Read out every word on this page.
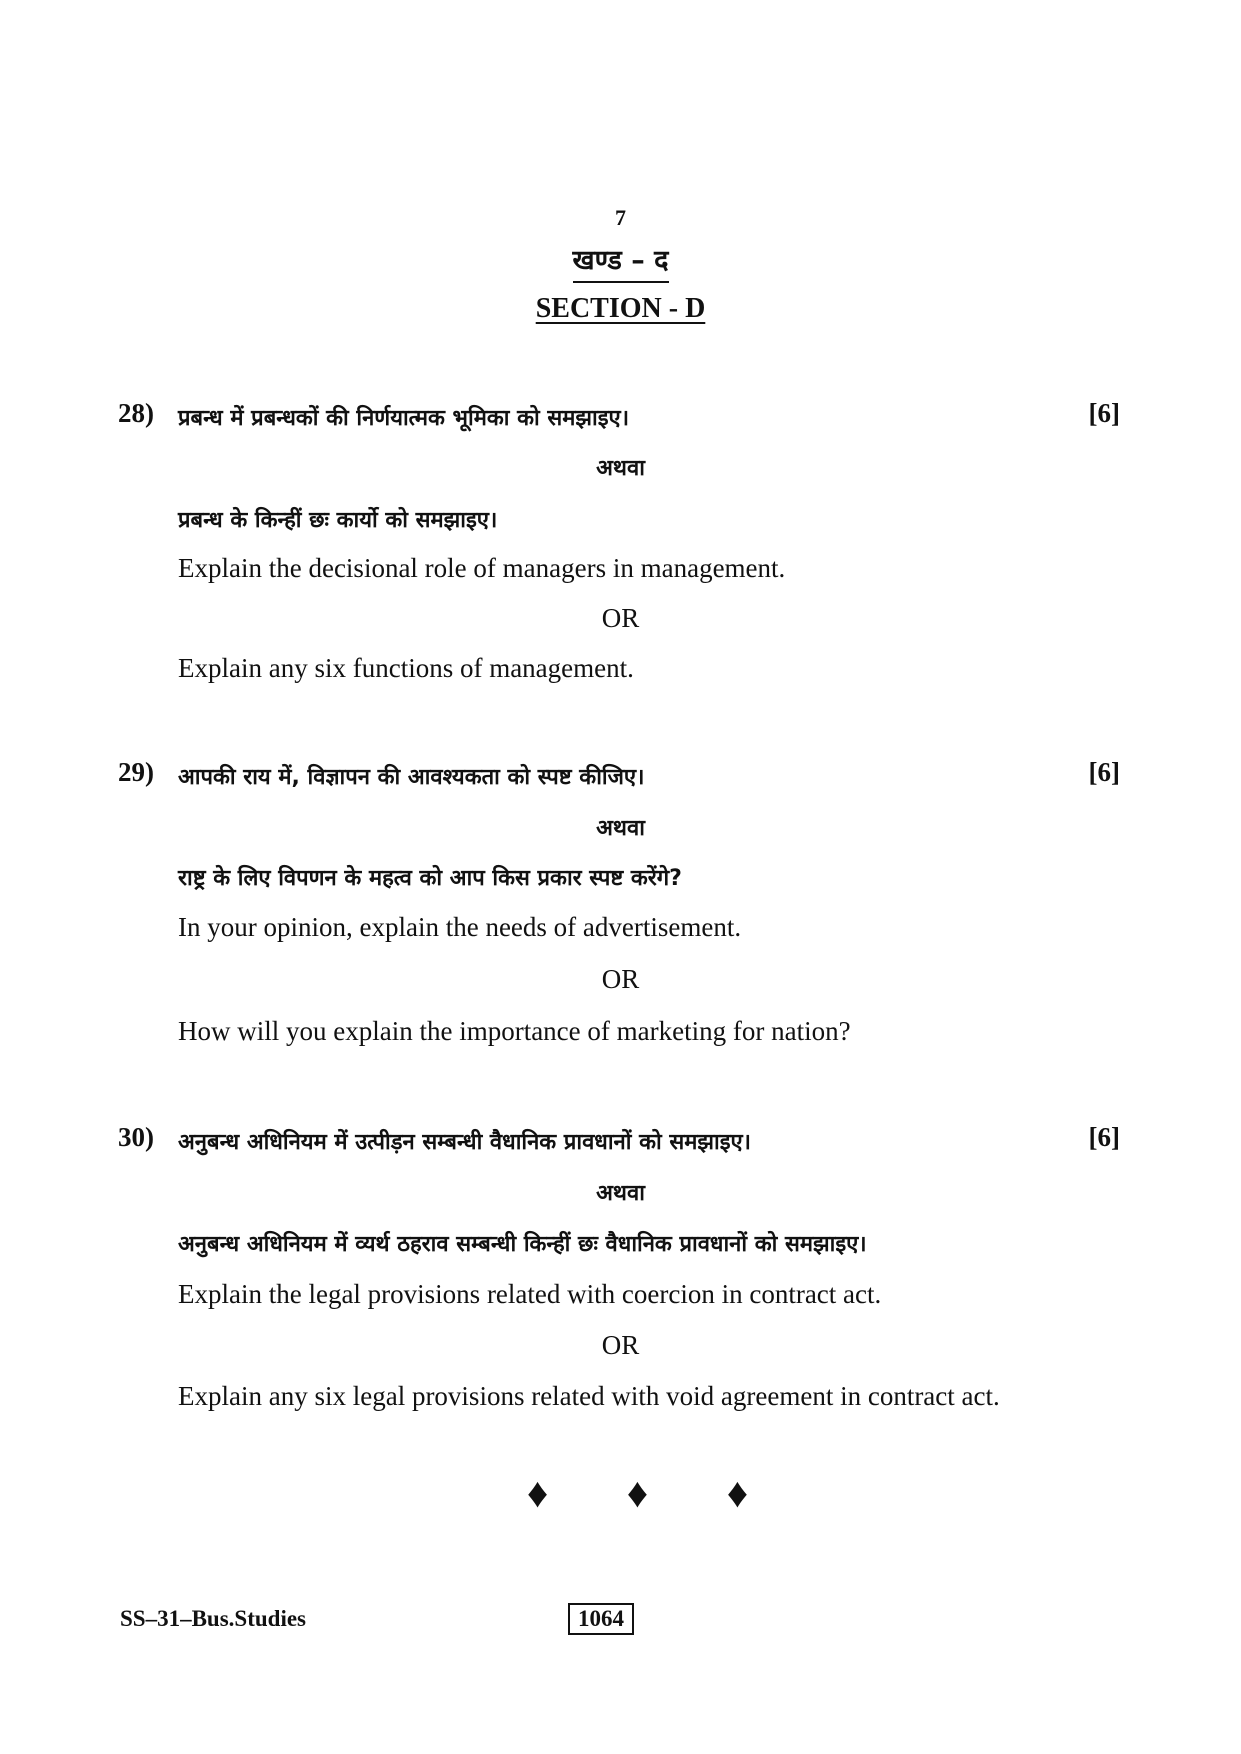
7
खण्ड – द
SECTION - D
28) प्रबन्ध में प्रबन्धकों की निर्णयात्मक भूमिका को समझाइए।	[6]
अथवा
प्रबन्ध के किन्हीं छः कार्यो को समझाइए।
Explain the decisional role of managers in management.
OR
Explain any six functions of management.
29) आपकी राय में, विज्ञापन की आवश्यकता को स्पष्ट कीजिए।	[6]
अथवा
राष्ट्र के लिए विपणन के महत्व को आप किस प्रकार स्पष्ट करेंगे?
In your opinion, explain the needs of advertisement.
OR
How will you explain the importance of marketing for nation?
30) अनुबन्ध अधिनियम में उत्पीड़न सम्बन्धी वैधानिक प्रावधानों को समझाइए।	[6]
अथवा
अनुबन्ध अधिनियम में व्यर्थ ठहराव सम्बन्धी किन्हीं छः वैधानिक प्रावधानों को समझाइए।
Explain the legal provisions related with coercion in contract act.
OR
Explain any six legal provisions related with void agreement in contract act.
♦ ♦ ♦
SS–31–Bus.Studies	1064
